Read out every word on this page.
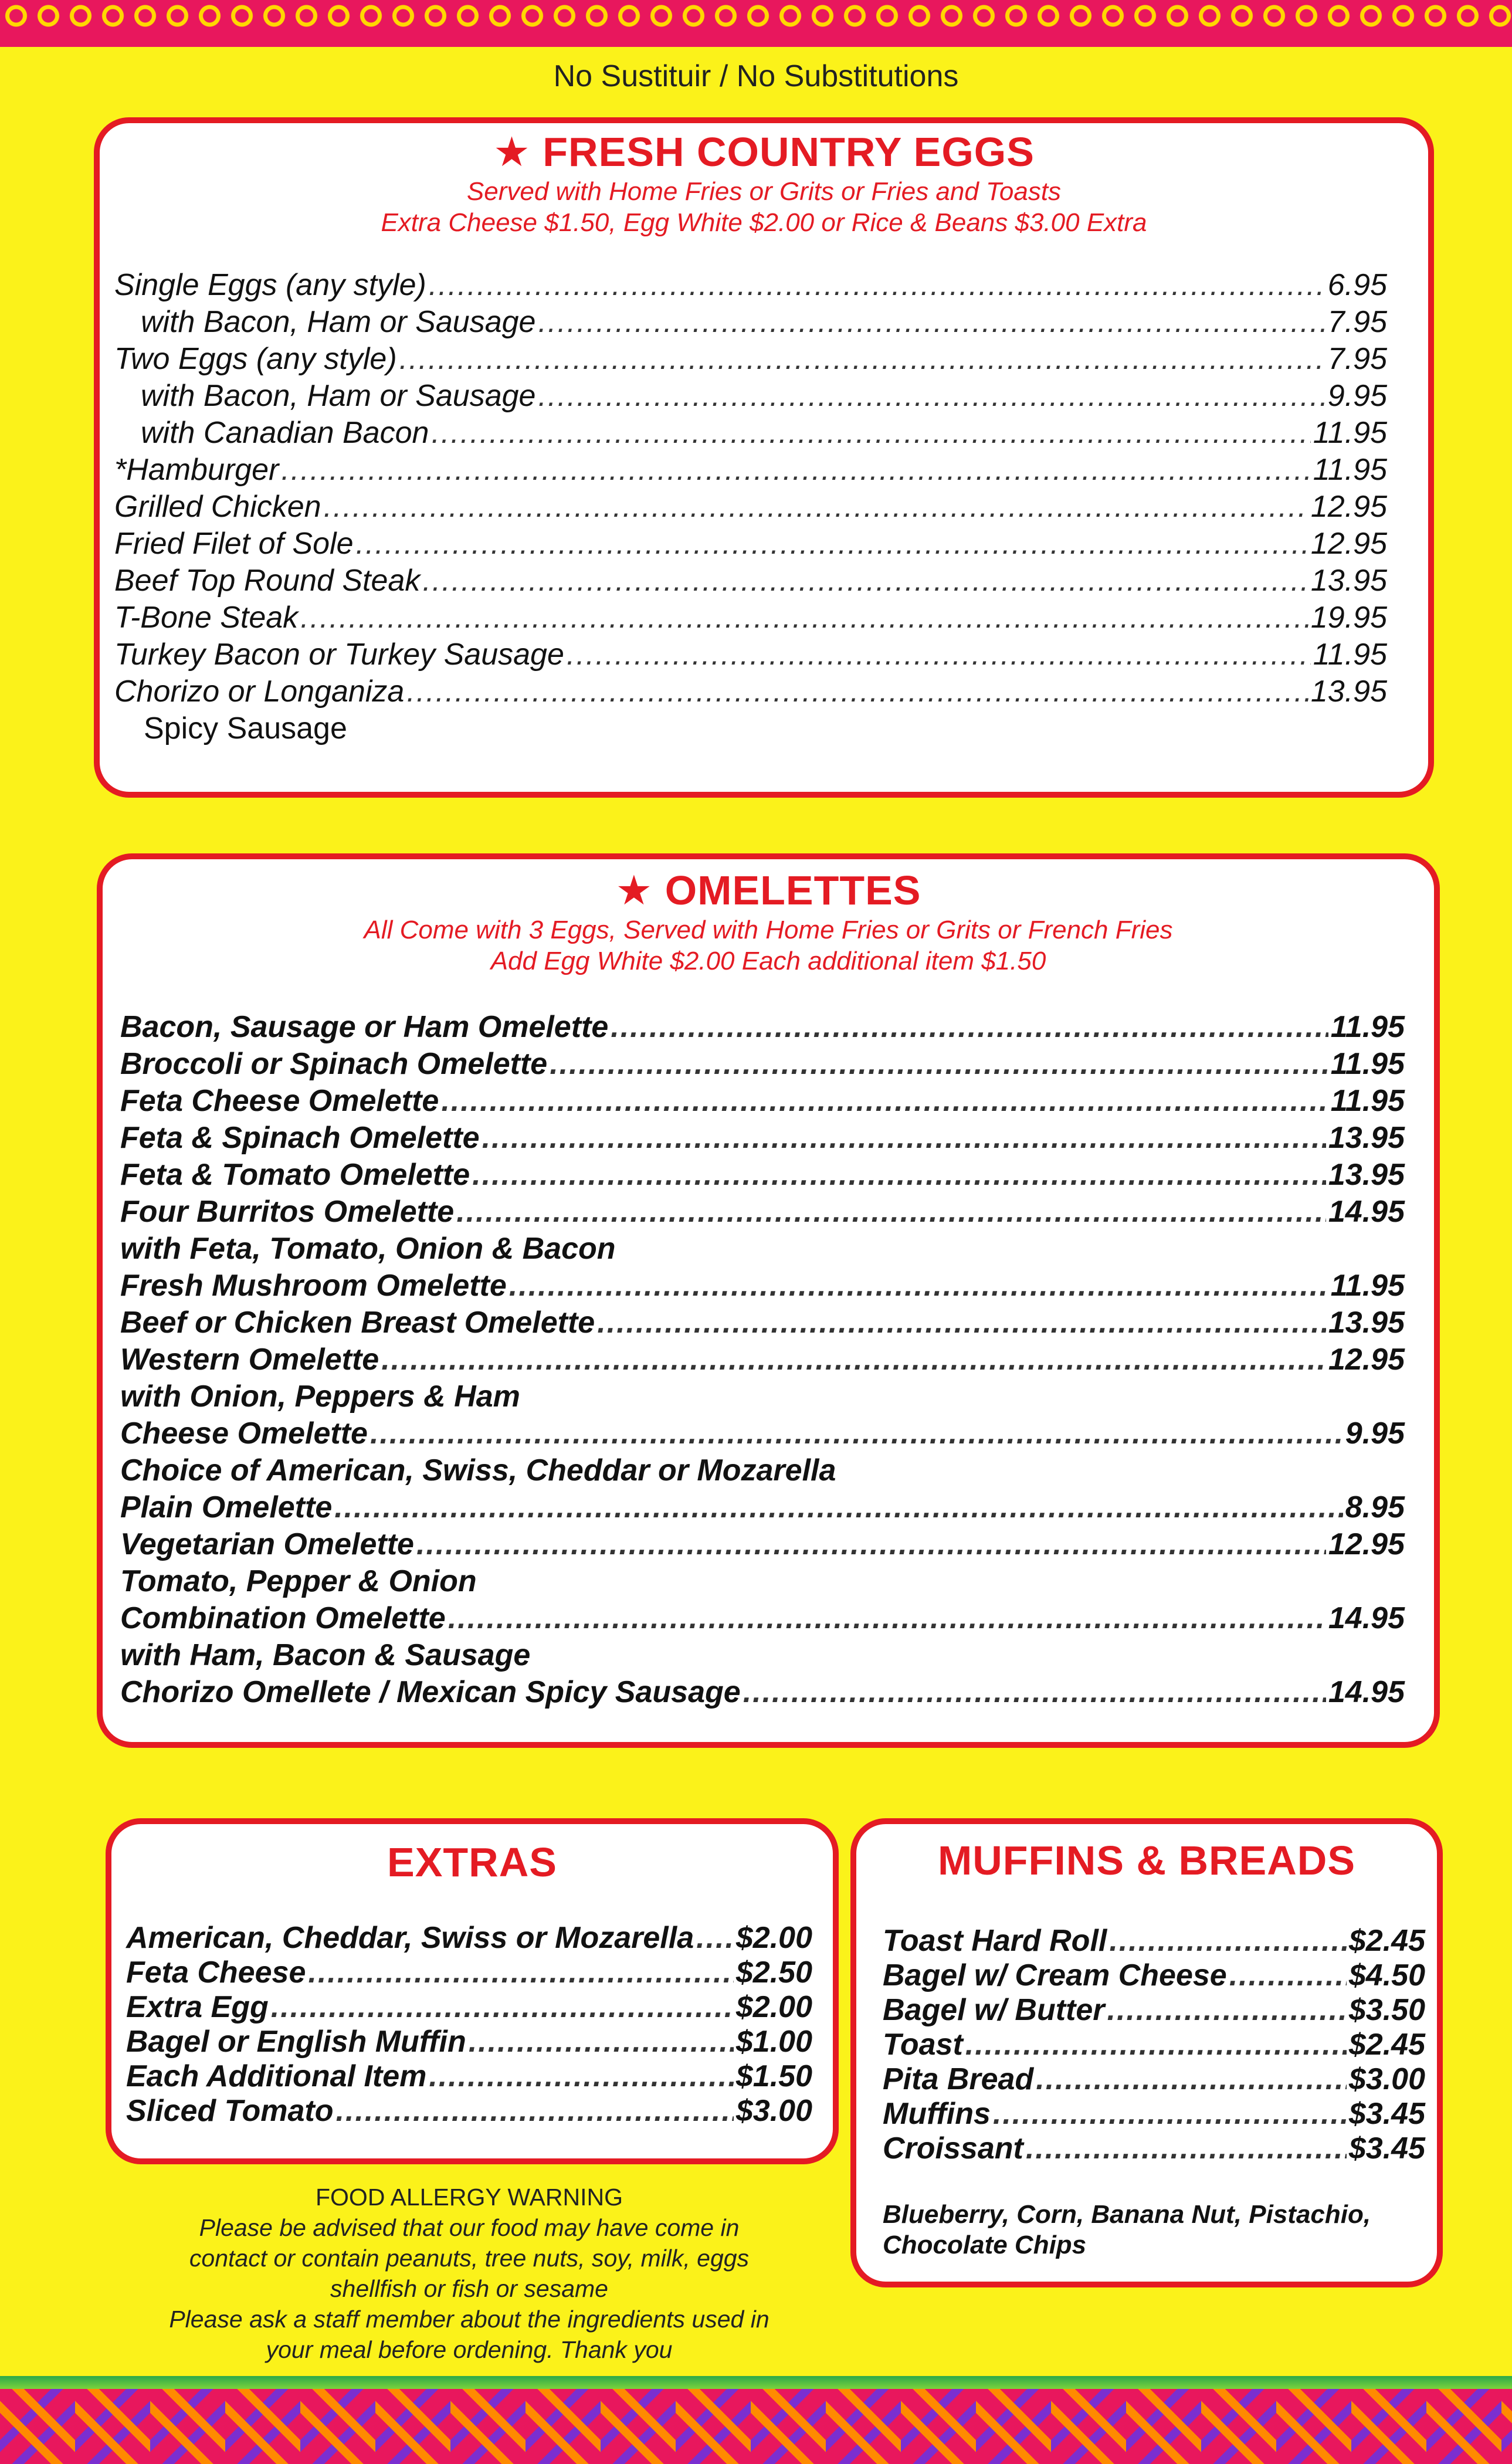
No Sustituir / No Substitutions
★ FRESH COUNTRY EGGS
Served with Home Fries or Grits or Fries and Toasts
Extra Cheese $1.50, Egg White $2.00 or Rice & Beans $3.00 Extra
Single Eggs (any style) .....	6.95
with Bacon, Ham or Sausage .....	7.95
Two Eggs (any style) .....	7.95
with Bacon, Ham or Sausage .....	9.95
with Canadian Bacon .....	11.95
*Hamburger .....	11.95
Grilled Chicken .....	12.95
Fried Filet of Sole .....	12.95
Beef Top Round Steak .....	13.95
T-Bone Steak .....	19.95
Turkey Bacon or Turkey Sausage .....	11.95
Chorizo or Longaniza .....	13.95
Spicy Sausage
★ OMELETTES
All Come with 3 Eggs, Served with Home Fries or Grits or French Fries
Add Egg White $2.00 Each additional item $1.50
Bacon, Sausage or Ham Omelette .....	11.95
Broccoli or Spinach Omelette .....	11.95
Feta Cheese Omelette .....	11.95
Feta & Spinach Omelette .....	13.95
Feta & Tomato Omelette .....	13.95
Four Burritos Omelette .....	14.95
with Feta, Tomato, Onion & Bacon
Fresh Mushroom Omelette .....	11.95
Beef or Chicken Breast Omelette .....	13.95
Western Omelette .....	12.95
with Onion, Peppers & Ham
Cheese Omelette .....	9.95
Choice of American, Swiss, Cheddar or Mozarella
Plain Omelette .....	8.95
Vegetarian Omelette .....	12.95
Tomato, Pepper & Onion
Combination Omelette .....	14.95
with Ham, Bacon & Sausage
Chorizo Omellete / Mexican Spicy Sausage .....	14.95
EXTRAS
American, Cheddar, Swiss or Mozarella ..... $2.00
Feta Cheese .....	$2.50
Extra Egg .....	$2.00
Bagel or English Muffin .....	$1.00
Each Additional Item .....	$1.50
Sliced Tomato .....	$3.00
MUFFINS & BREADS
Toast Hard Roll .....	$2.45
Bagel w/ Cream Cheese .....	$4.50
Bagel w/ Butter .....	$3.50
Toast .....	$2.45
Pita Bread .....	$3.00
Muffins .....	$3.45
Croissant .....	$3.45
Blueberry, Corn, Banana Nut, Pistachio,
Chocolate Chips
FOOD ALLERGY WARNING
Please be advised that our food may have come in
contact or contain peanuts, tree nuts, soy, milk, eggs
shellfish or fish or sesame
Please ask a staff member about the ingredients used in
your meal before ordening. Thank you
